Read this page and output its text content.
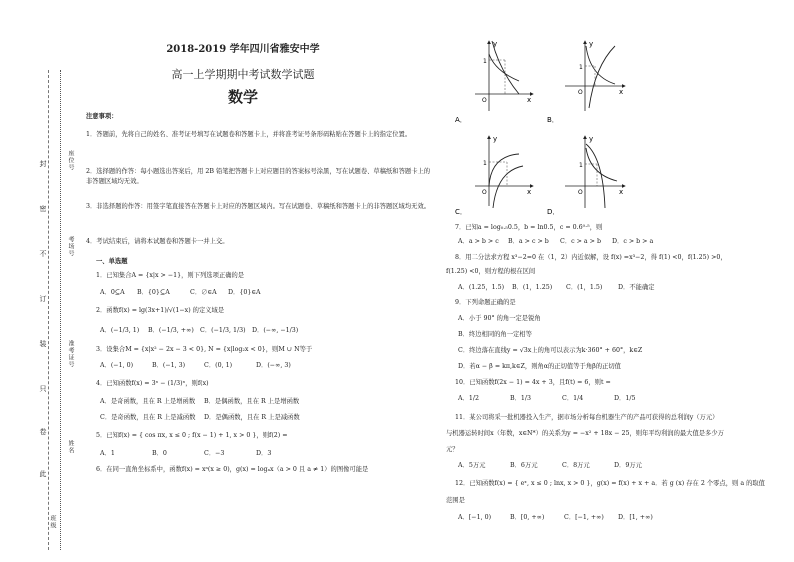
封
密
不
订
装
只
卷
此
座位号
考场号
准考证号
姓名
班级
2018-2019 学年四川省雅安中学
高一上学期期中考试数学试题
数学
注意事项：
1．答题前，先将自己的姓名、准考证号填写在试题卷和答题卡上，并将准考证号条形码粘贴在答题卡上的指定位置。
2．选择题的作答：每小题选出答案后，用 2B 铅笔把答题卡上对应题目的答案标号涂黑，写在试题卷、草稿纸和答题卡上的非答题区域均无效。
3．非选择题的作答：用签字笔直接答在答题卡上对应的答题区域内。写在试题卷、草稿纸和答题卡上的非答题区域均无效。
4．考试结束后，请将本试题卷和答题卡一并上交。
一、单选题
1．已知集合A = {x|x > −1}，则下列选项正确的是
A．0⊆A B．{0}⊆A	C．∅∈A D．{0}∈A
2．函数f(x) = lg(3x+1)/√(1−x) 的定义域是
A．(−1/3, 1) B．(−1/3, +∞) C．(−1/3, 1/3) D．(−∞, −1/3)
3．设集合M = {x|x² − 2x − 3 < 0}, N = {x|log₂x < 0}，则M ∪ N等于
A．(−1, 0)	B．(−1, 3)	C．(0, 1)	D．(−∞, 3)
4．已知函数f(x) = 3ˣ − (1/3)ˣ，则f(x)
A．是奇函数，且在 R 上是增函数 B．是偶函数，且在 R 上是增函数
C．是奇函数，且在 R 上是减函数 D．是偶函数，且在 R 上是减函数
5．已知f(x) = { cos πx, x ≤ 0 ; f(x − 1) + 1, x > 0 }，则f(2) =
A．1	B．0	C．−3	D．3
6．在同一直角坐标系中，函数f(x) = xᵃ(x ≥ 0)，g(x) = logₐx（a > 0 且 a ≠ 1）的图像可能是
y
x
O
1
A．
y
x
O
1
B．
y
x
O
1
C．
y
x
O
1
D．
7．已知a = log₀.₅0.5，b = ln0.5，c = 0.6⁰·⁵，则
A．a > b > c B．a > c > b C．c > a > b D．c > b > a
8．用二分法求方程 x³−2=0 在（1，2）内近似解，设 f(x) =x³−2，得 f(1) <0，f(1.25) >0，
f(1.25) <0，则方程的根在区间
A．(1.25，1.5) B．(1，1.25) C．(1，1.5) D．不能确定
9．下列命题正确的是
A．小于 90° 的角一定是锐角
B．终边相同的角一定相等
C．终边落在直线y = √3x上的角可以表示为k·360° + 60°，k∈Z
D．若α − β = kπ,k∈Z，则角α的正切值等于角β的正切值
10．已知函数f(2x − 1) = 4x + 3，且f(t) = 6，则t =
A．1/2	B．1/3	C．1/4	D．1/5
11．某公司将采一批机器投入生产，据市场分析每台机器生产的产品可获得的总利润y（万元）
与机器运转时间x（年数，x∈N*）的关系为y = −x² + 18x − 25，则年平均利润的最大值是多少万
元？
A．5万元	B．6万元	C．8万元	D．9万元
12．已知函数f(x) = { eˣ, x ≤ 0 ; lnx, x > 0 }，g(x) = f(x) + x + a．若 g (x) 存在 2 个零点，则 a 的取值
范围是
A．[−1, 0)	B．[0, +∞)	C．[−1, +∞) D．[1, +∞)
